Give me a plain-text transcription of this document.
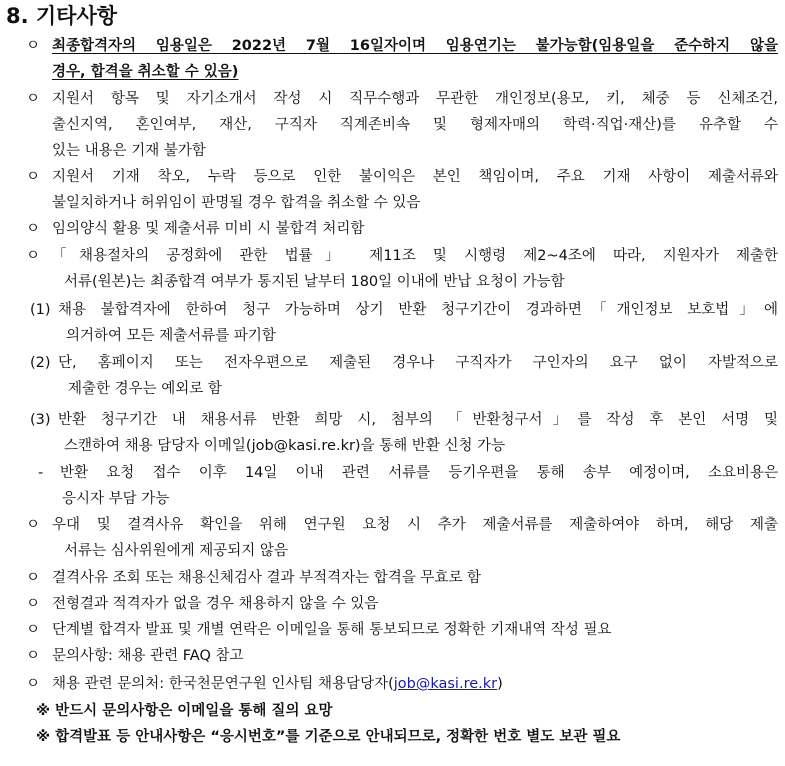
8. 기타사항
ㅇ 최종합격자의 임용일은 2022년 7월 16일자이며 임용연기는 불가능함(임용일을 준수하지 않을
경우, 합격을 취소할 수 있음)
ㅇ 지원서 항목 및 자기소개서 작성 시 직무수행과 무관한 개인정보(용모, 키, 체중 등 신체조건,
출신지역, 혼인여부, 재산, 구직자 직계존비속 및 형제자매의 학력·직업·재산)를 유추할 수
있는 내용은 기재 불가함
ㅇ 지원서 기재 착오, 누락 등으로 인한 불이익은 본인 책임이며, 주요 기재 사항이 제출서류와
불일치하거나 허위임이 판명될 경우 합격을 취소할 수 있음
ㅇ 임의양식 활용 및 제출서류 미비 시 불합격 처리함
ㅇ 「채용절차의 공정화에 관한 법률」 제11조 및 시행령 제2~4조에 따라, 지원자가 제출한
서류(원본)는 최종합격 여부가 통지된 날부터 180일 이내에 반납 요청이 가능함
(1) 채용 불합격자에 한하여 청구 가능하며 상기 반환 청구기간이 경과하면「개인정보 보호법」에
의거하여 모든 제출서류를 파기함
(2) 단, 홈페이지 또는 전자우편으로 제출된 경우나 구직자가 구인자의 요구 없이 자발적으로
제출한 경우는 예외로 함
(3) 반환 청구기간 내 채용서류 반환 희망 시, 첨부의 「반환청구서」를 작성 후 본인 서명 및
스캔하여 채용 담당자 이메일(job@kasi.re.kr)을 통해 반환 신청 가능
- 반환 요청 접수 이후 14일 이내 관련 서류를 등기우편을 통해 송부 예정이며, 소요비용은
응시자 부담 가능
ㅇ 우대 및 결격사유 확인을 위해 연구원 요청 시 추가 제출서류를 제출하여야 하며, 해당 제출
서류는 심사위원에게 제공되지 않음
ㅇ 결격사유 조회 또는 채용신체검사 결과 부적격자는 합격을 무효로 함
ㅇ 전형결과 적격자가 없을 경우 채용하지 않을 수 있음
ㅇ 단계별 합격자 발표 및 개별 연락은 이메일을 통해 통보되므로 정확한 기재내역 작성 필요
ㅇ 문의사항: 채용 관련 FAQ 참고
ㅇ 채용 관련 문의처: 한국천문연구원 인사팀 채용담당자(job@kasi.re.kr)
※ 반드시 문의사항은 이메일을 통해 질의 요망
※ 합격발표 등 안내사항은 “응시번호”를 기준으로 안내되므로, 정확한 번호 별도 보관 필요
